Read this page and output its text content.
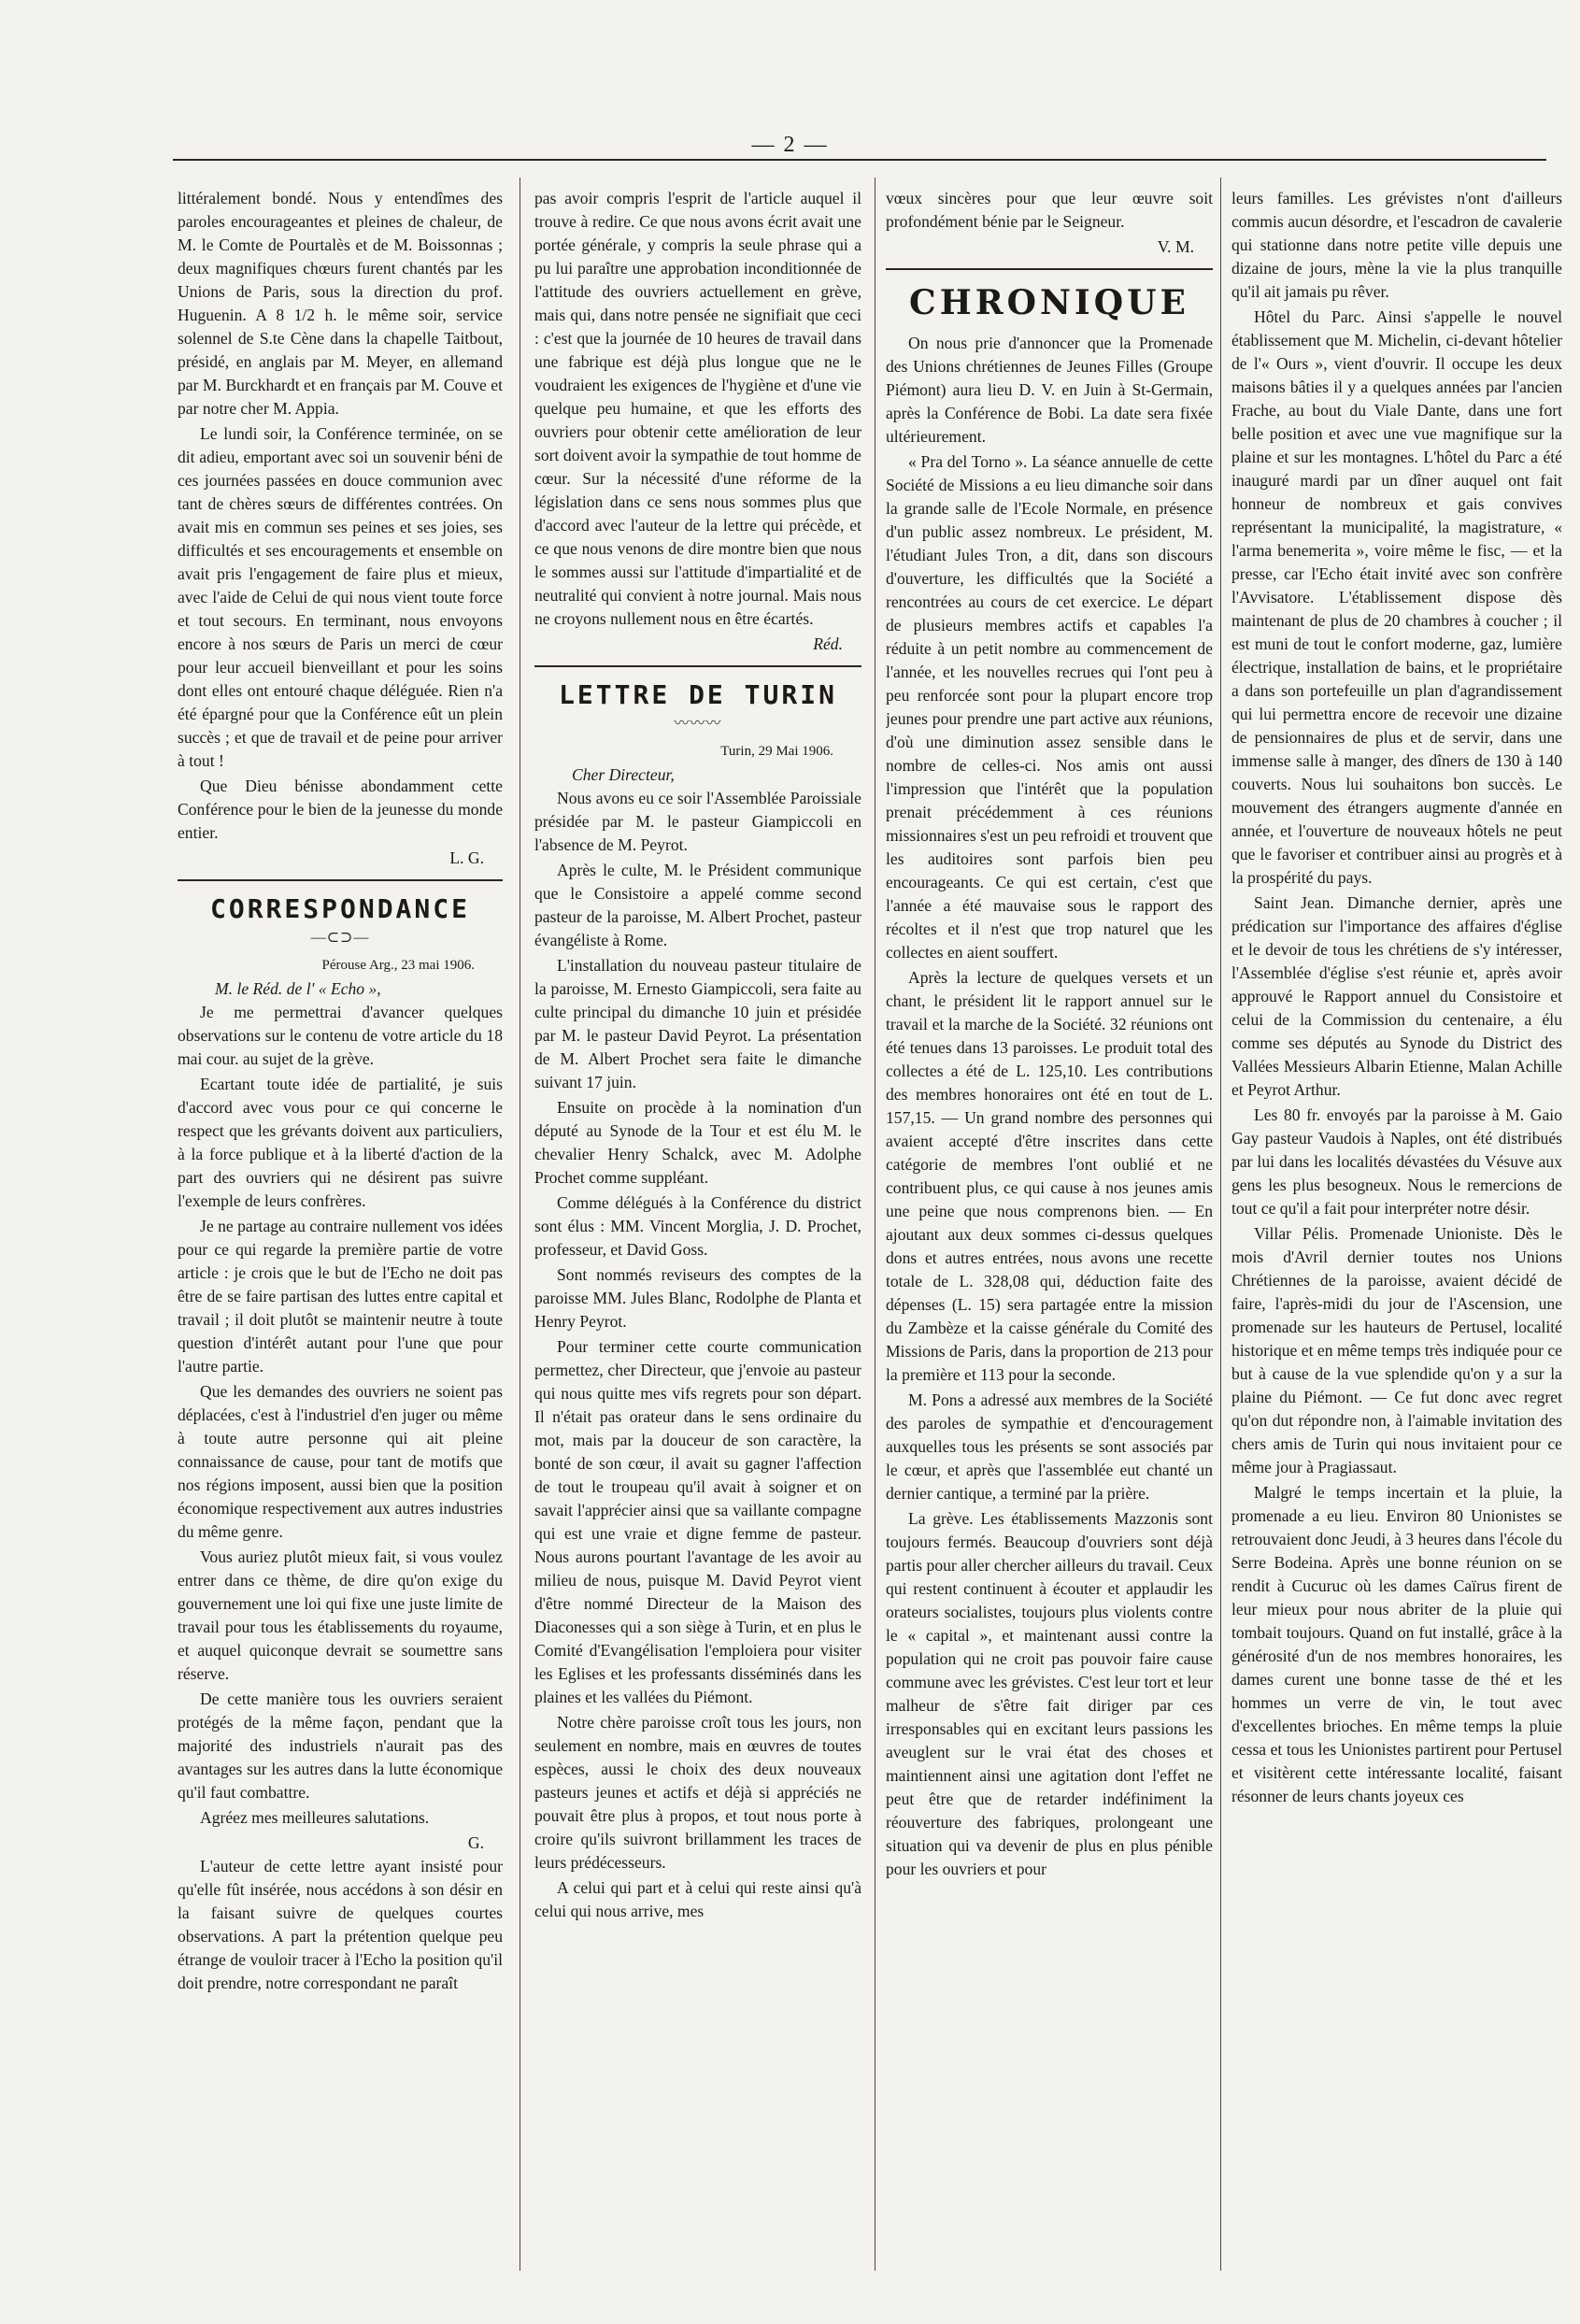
— 2 —

littéralement bondé. Nous y entendîmes des paroles encourageantes et pleines de chaleur, de M. le Comte de Pourtalès et de M. Boissonnas ; deux magnifiques chœurs furent chantés par les Unions de Paris, sous la direction du prof. Huguenin. A 8 1/2 h. le même soir, service solennel de S.te Cène dans la chapelle Taitbout, présidé, en anglais par M. Meyer, en allemand par M. Burckhardt et en français par M. Couve et par notre cher M. Appia.

Le lundi soir, la Conférence terminée, on se dit adieu, emportant avec soi un souvenir béni de ces journées passées en douce communion avec tant de chères sœurs de différentes contrées. On avait mis en commun ses peines et ses joies, ses difficultés et ses encouragements et ensemble on avait pris l'engagement de faire plus et mieux, avec l'aide de Celui de qui nous vient toute force et tout secours. En terminant, nous envoyons encore à nos sœurs de Paris un merci de cœur pour leur accueil bienveillant et pour les soins dont elles ont entouré chaque déléguée. Rien n'a été épargné pour que la Conférence eût un plein succès ; et que de travail et de peine pour arriver à tout !

Que Dieu bénisse abondamment cette Conférence pour le bien de la jeunesse du monde entier.

L. G.
CORRESPONDANCE
—⊂⊃—
Pérouse Arg., 23 mai 1906.
M. le Réd. de l' « Echo »,

Je me permettrai d'avancer quelques observations sur le contenu de votre article du 18 mai cour. au sujet de la grève.

Ecartant toute idée de partialité, je suis d'accord avec vous pour ce qui concerne le respect que les grévants doivent aux particuliers, à la force publique et à la liberté d'action de la part des ouvriers qui ne désirent pas suivre l'exemple de leurs confrères.

Je ne partage au contraire nullement vos idées pour ce qui regarde la première partie de votre article : je crois que le but de l'Echo ne doit pas être de se faire partisan des luttes entre capital et travail ; il doit plutôt se maintenir neutre à toute question d'intérêt autant pour l'une que pour l'autre partie.

Que les demandes des ouvriers ne soient pas déplacées, c'est à l'industriel d'en juger ou même à toute autre personne qui ait pleine connaissance de cause, pour tant de motifs que nos régions imposent, aussi bien que la position économique respectivement aux autres industries du même genre.

Vous auriez plutôt mieux fait, si vous voulez entrer dans ce thème, de dire qu'on exige du gouvernement une loi qui fixe une juste limite de travail pour tous les établissements du royaume, et auquel quiconque devrait se soumettre sans réserve.

De cette manière tous les ouvriers seraient protégés de la même façon, pendant que la majorité des industriels n'aurait pas des avantages sur les autres dans la lutte économique qu'il faut combattre.

Agréez mes meilleures salutations.

G.

L'auteur de cette lettre ayant insisté pour qu'elle fût insérée, nous accédons à son désir en la faisant suivre de quelques courtes observations. A part la prétention quelque peu étrange de vouloir tracer à l'Echo la position qu'il doit prendre, notre correspondant ne paraît

pas avoir compris l'esprit de l'article auquel il trouve à redire. Ce que nous avons écrit avait une portée générale, y compris la seule phrase qui a pu lui paraître une approbation inconditionnée de l'attitude des ouvriers actuellement en grève, mais qui, dans notre pensée ne signifiait que ceci : c'est que la journée de 10 heures de travail dans une fabrique est déjà plus longue que ne le voudraient les exigences de l'hygiène et d'une vie quelque peu humaine, et que les efforts des ouvriers pour obtenir cette amélioration de leur sort doivent avoir la sympathie de tout homme de cœur. Sur la nécessité d'une réforme de la législation dans ce sens nous sommes plus que d'accord avec l'auteur de la lettre qui précède, et ce que nous venons de dire montre bien que nous le sommes aussi sur l'attitude d'impartialité et de neutralité qui convient à notre journal. Mais nous ne croyons nullement nous en être écartés.

Réd.
LETTRE DE TURIN
〰〰〰
Turin, 29 Mai 1906.
Cher Directeur,

Nous avons eu ce soir l'Assemblée Paroissiale présidée par M. le pasteur Giampiccoli en l'absence de M. Peyrot.

Après le culte, M. le Président communique que le Consistoire a appelé comme second pasteur de la paroisse, M. Albert Prochet, pasteur évangéliste à Rome.

L'installation du nouveau pasteur titulaire de la paroisse, M. Ernesto Giampiccoli, sera faite au culte principal du dimanche 10 juin et présidée par M. le pasteur David Peyrot. La présentation de M. Albert Prochet sera faite le dimanche suivant 17 juin.

Ensuite on procède à la nomination d'un député au Synode de la Tour et est élu M. le chevalier Henry Schalck, avec M. Adolphe Prochet comme suppléant.

Comme délégués à la Conférence du district sont élus : MM. Vincent Morglia, J. D. Prochet, professeur, et David Goss.

Sont nommés reviseurs des comptes de la paroisse MM. Jules Blanc, Rodolphe de Planta et Henry Peyrot.

Pour terminer cette courte communication permettez, cher Directeur, que j'envoie au pasteur qui nous quitte mes vifs regrets pour son départ. Il n'était pas orateur dans le sens ordinaire du mot, mais par la douceur de son caractère, la bonté de son cœur, il avait su gagner l'affection de tout le troupeau qu'il avait à soigner et on savait l'apprécier ainsi que sa vaillante compagne qui est une vraie et digne femme de pasteur. Nous aurons pourtant l'avantage de les avoir au milieu de nous, puisque M. David Peyrot vient d'être nommé Directeur de la Maison des Diaconesses qui a son siège à Turin, et en plus le Comité d'Evangélisation l'emploiera pour visiter les Eglises et les professants disséminés dans les plaines et les vallées du Piémont.

Notre chère paroisse croît tous les jours, non seulement en nombre, mais en œuvres de toutes espèces, aussi le choix des deux nouveaux pasteurs jeunes et actifs et déjà si appréciés ne pouvait être plus à propos, et tout nous porte à croire qu'ils suivront brillamment les traces de leurs prédécesseurs.

A celui qui part et à celui qui reste ainsi qu'à celui qui nous arrive, mes

vœux sincères pour que leur œuvre soit profondément bénie par le Seigneur.

V. M.
CHRONIQUE

On nous prie d'annoncer que la Promenade des Unions chrétiennes de Jeunes Filles (Groupe Piémont) aura lieu D. V. en Juin à St-Germain, après la Conférence de Bobi. La date sera fixée ultérieurement.

« Pra del Torno ». La séance annuelle de cette Société de Missions a eu lieu dimanche soir dans la grande salle de l'Ecole Normale, en présence d'un public assez nombreux. Le président, M. l'étudiant Jules Tron, a dit, dans son discours d'ouverture, les difficultés que la Société a rencontrées au cours de cet exercice. Le départ de plusieurs membres actifs et capables l'a réduite à un petit nombre au commencement de l'année, et les nouvelles recrues qui l'ont peu à peu renforcée sont pour la plupart encore trop jeunes pour prendre une part active aux réunions, d'où une diminution assez sensible dans le nombre de celles-ci. Nos amis ont aussi l'impression que l'intérêt que la population prenait précédemment à ces réunions missionnaires s'est un peu refroidi et trouvent que les auditoires sont parfois bien peu encourageants. Ce qui est certain, c'est que l'année a été mauvaise sous le rapport des récoltes et il n'est que trop naturel que les collectes en aient souffert.

Après la lecture de quelques versets et un chant, le président lit le rapport annuel sur le travail et la marche de la Société. 32 réunions ont été tenues dans 13 paroisses. Le produit total des collectes a été de L. 125,10. Les contributions des membres honoraires ont été en tout de L. 157,15. — Un grand nombre des personnes qui avaient accepté d'être inscrites dans cette catégorie de membres l'ont oublié et ne contribuent plus, ce qui cause à nos jeunes amis une peine que nous comprenons bien. — En ajoutant aux deux sommes ci-dessus quelques dons et autres entrées, nous avons une recette totale de L. 328,08 qui, déduction faite des dépenses (L. 15) sera partagée entre la mission du Zambèze et la caisse générale du Comité des Missions de Paris, dans la proportion de 213 pour la première et 113 pour la seconde.

M. Pons a adressé aux membres de la Société des paroles de sympathie et d'encouragement auxquelles tous les présents se sont associés par le cœur, et après que l'assemblée eut chanté un dernier cantique, a terminé par la prière.

La grève. Les établissements Mazzonis sont toujours fermés. Beaucoup d'ouvriers sont déjà partis pour aller chercher ailleurs du travail. Ceux qui restent continuent à écouter et applaudir les orateurs socialistes, toujours plus violents contre le « capital », et maintenant aussi contre la population qui ne croit pas pouvoir faire cause commune avec les grévistes. C'est leur tort et leur malheur de s'être fait diriger par ces irresponsables qui en excitant leurs passions les aveuglent sur le vrai état des choses et maintiennent ainsi une agitation dont l'effet ne peut être que de retarder indéfiniment la réouverture des fabriques, prolongeant une situation qui va devenir de plus en plus pénible pour les ouvriers et pour

leurs familles. Les grévistes n'ont d'ailleurs commis aucun désordre, et l'escadron de cavalerie qui stationne dans notre petite ville depuis une dizaine de jours, mène la vie la plus tranquille qu'il ait jamais pu rêver.

Hôtel du Parc. Ainsi s'appelle le nouvel établissement que M. Michelin, ci-devant hôtelier de l'« Ours », vient d'ouvrir. Il occupe les deux maisons bâties il y a quelques années par l'ancien Frache, au bout du Viale Dante, dans une fort belle position et avec une vue magnifique sur la plaine et sur les montagnes. L'hôtel du Parc a été inauguré mardi par un dîner auquel ont fait honneur de nombreux et gais convives représentant la municipalité, la magistrature, « l'arma benemerita », voire même le fisc, — et la presse, car l'Echo était invité avec son confrère l'Avvisatore. L'établissement dispose dès maintenant de plus de 20 chambres à coucher ; il est muni de tout le confort moderne, gaz, lumière électrique, installation de bains, et le propriétaire a dans son portefeuille un plan d'agrandissement qui lui permettra encore de recevoir une dizaine de pensionnaires de plus et de servir, dans une immense salle à manger, des dîners de 130 à 140 couverts. Nous lui souhaitons bon succès. Le mouvement des étrangers augmente d'année en année, et l'ouverture de nouveaux hôtels ne peut que le favoriser et contribuer ainsi au progrès et à la prospérité du pays.

Saint Jean. Dimanche dernier, après une prédication sur l'importance des affaires d'église et le devoir de tous les chrétiens de s'y intéresser, l'Assemblée d'église s'est réunie et, après avoir approuvé le Rapport annuel du Consistoire et celui de la Commission du centenaire, a élu comme ses députés au Synode du District des Vallées Messieurs Albarin Etienne, Malan Achille et Peyrot Arthur.

Les 80 fr. envoyés par la paroisse à M. Gaio Gay pasteur Vaudois à Naples, ont été distribués par lui dans les localités dévastées du Vésuve aux gens les plus besogneux. Nous le remercions de tout ce qu'il a fait pour interpréter notre désir.

Villar Pélis. Promenade Unioniste. Dès le mois d'Avril dernier toutes nos Unions Chrétiennes de la paroisse, avaient décidé de faire, l'après-midi du jour de l'Ascension, une promenade sur les hauteurs de Pertusel, localité historique et en même temps très indiquée pour ce but à cause de la vue splendide qu'on y a sur la plaine du Piémont. — Ce fut donc avec regret qu'on dut répondre non, à l'aimable invitation des chers amis de Turin qui nous invitaient pour ce même jour à Pragiassaut.

Malgré le temps incertain et la pluie, la promenade a eu lieu. Environ 80 Unionistes se retrouvaient donc Jeudi, à 3 heures dans l'école du Serre Bodeina. Après une bonne réunion on se rendit à Cucuruc où les dames Caïrus firent de leur mieux pour nous abriter de la pluie qui tombait toujours. Quand on fut installé, grâce à la générosité d'un de nos membres honoraires, les dames curent une bonne tasse de thé et les hommes un verre de vin, le tout avec d'excellentes brioches. En même temps la pluie cessa et tous les Unionistes partirent pour Pertusel et visitèrent cette intéressante localité, faisant résonner de leurs chants joyeux ces
